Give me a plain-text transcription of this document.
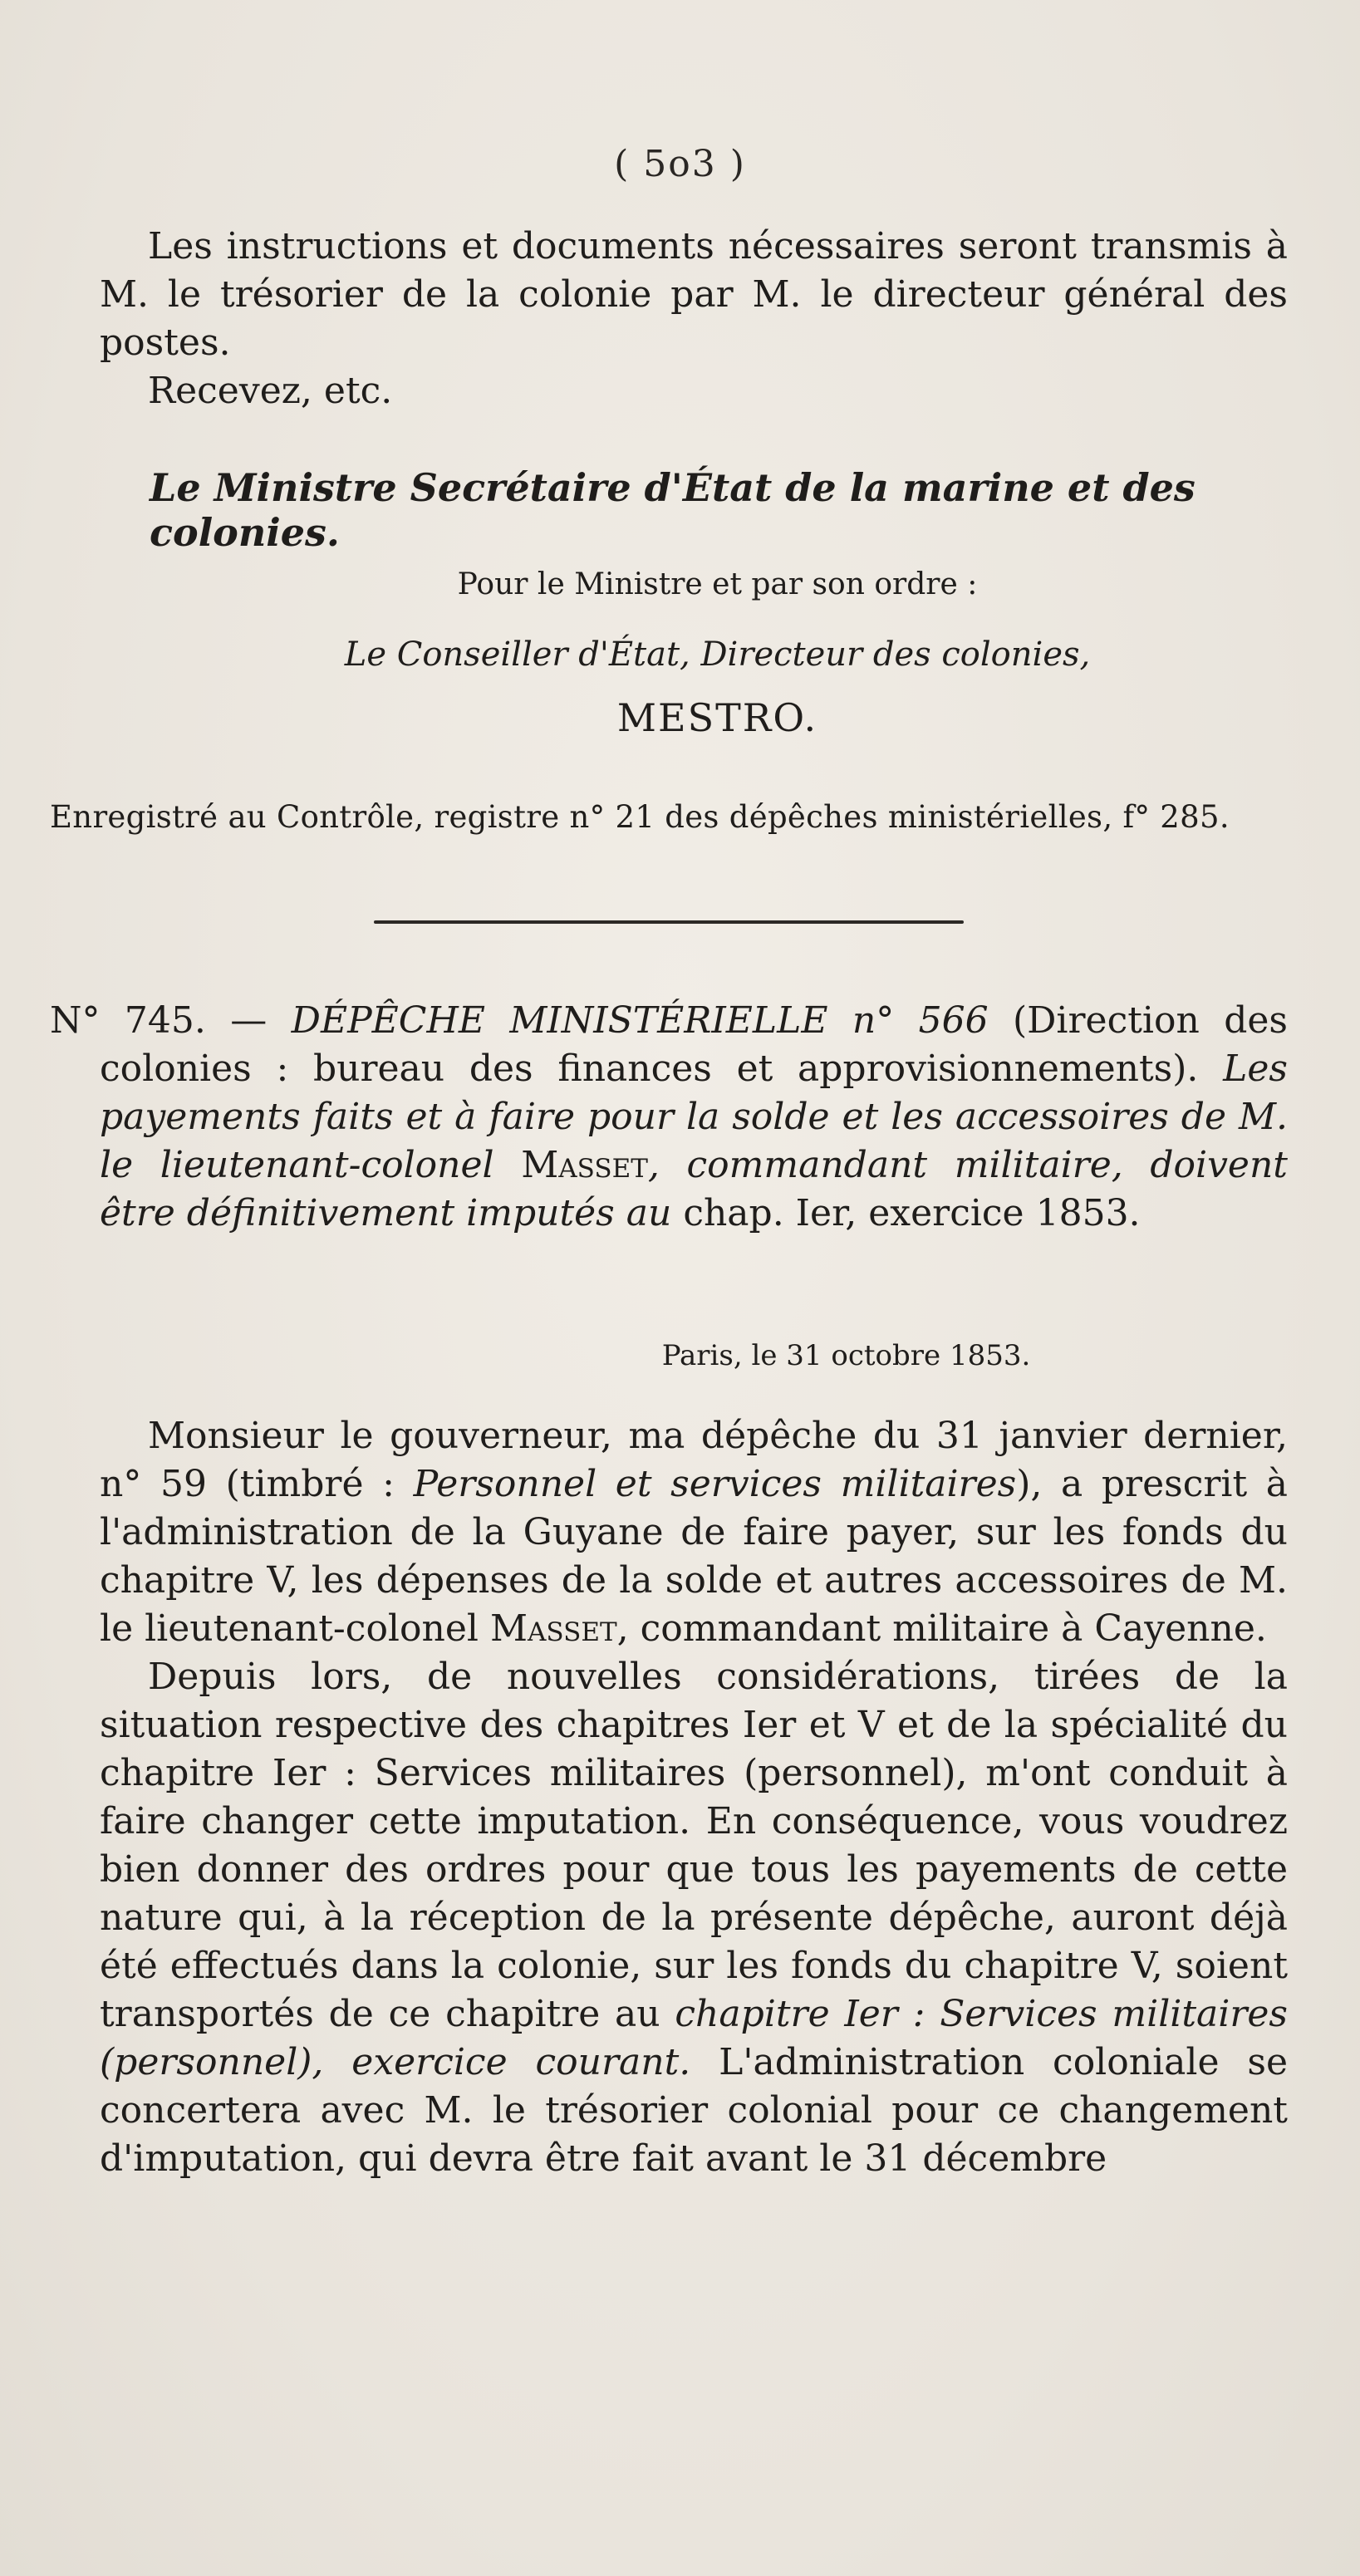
( 5o3 )

Les instructions et documents nécessaires seront transmis à M. le trésorier de la colonie par M. le directeur général des postes.

Recevez, etc.

Le Ministre Secrétaire d'État de la marine et des colonies.
Pour le Ministre et par son ordre :
Le Conseiller d'État, Directeur des colonies,
MESTRO.
Enregistré au Contrôle, registre n° 21 des dépêches ministérielles, f° 285.
N° 745. — DÉPÊCHE MINISTÉRIELLE n° 566 (Direction des colonies : bureau des finances et approvisionnements). Les payements faits et à faire pour la solde et les accessoires de M. le lieutenant-colonel Masset, commandant militaire, doivent être définitivement imputés au chap. Ier, exercice 1853.
Paris, le 31 octobre 1853.

Monsieur le gouverneur, ma dépêche du 31 janvier dernier, n° 59 (timbré : Personnel et services militaires), a prescrit à l'administration de la Guyane de faire payer, sur les fonds du chapitre V, les dépenses de la solde et autres accessoires de M. le lieutenant-colonel Masset, commandant militaire à Cayenne.

Depuis lors, de nouvelles considérations, tirées de la situation respective des chapitres Ier et V et de la spécialité du chapitre Ier : Services militaires (personnel), m'ont conduit à faire changer cette imputation. En conséquence, vous voudrez bien donner des ordres pour que tous les payements de cette nature qui, à la réception de la présente dépêche, auront déjà été effectués dans la colonie, sur les fonds du chapitre V, soient transportés de ce chapitre au chapitre Ier : Services militaires (personnel), exercice courant. L'administration coloniale se concertera avec M. le trésorier colonial pour ce changement d'imputation, qui devra être fait avant le 31 décembre
